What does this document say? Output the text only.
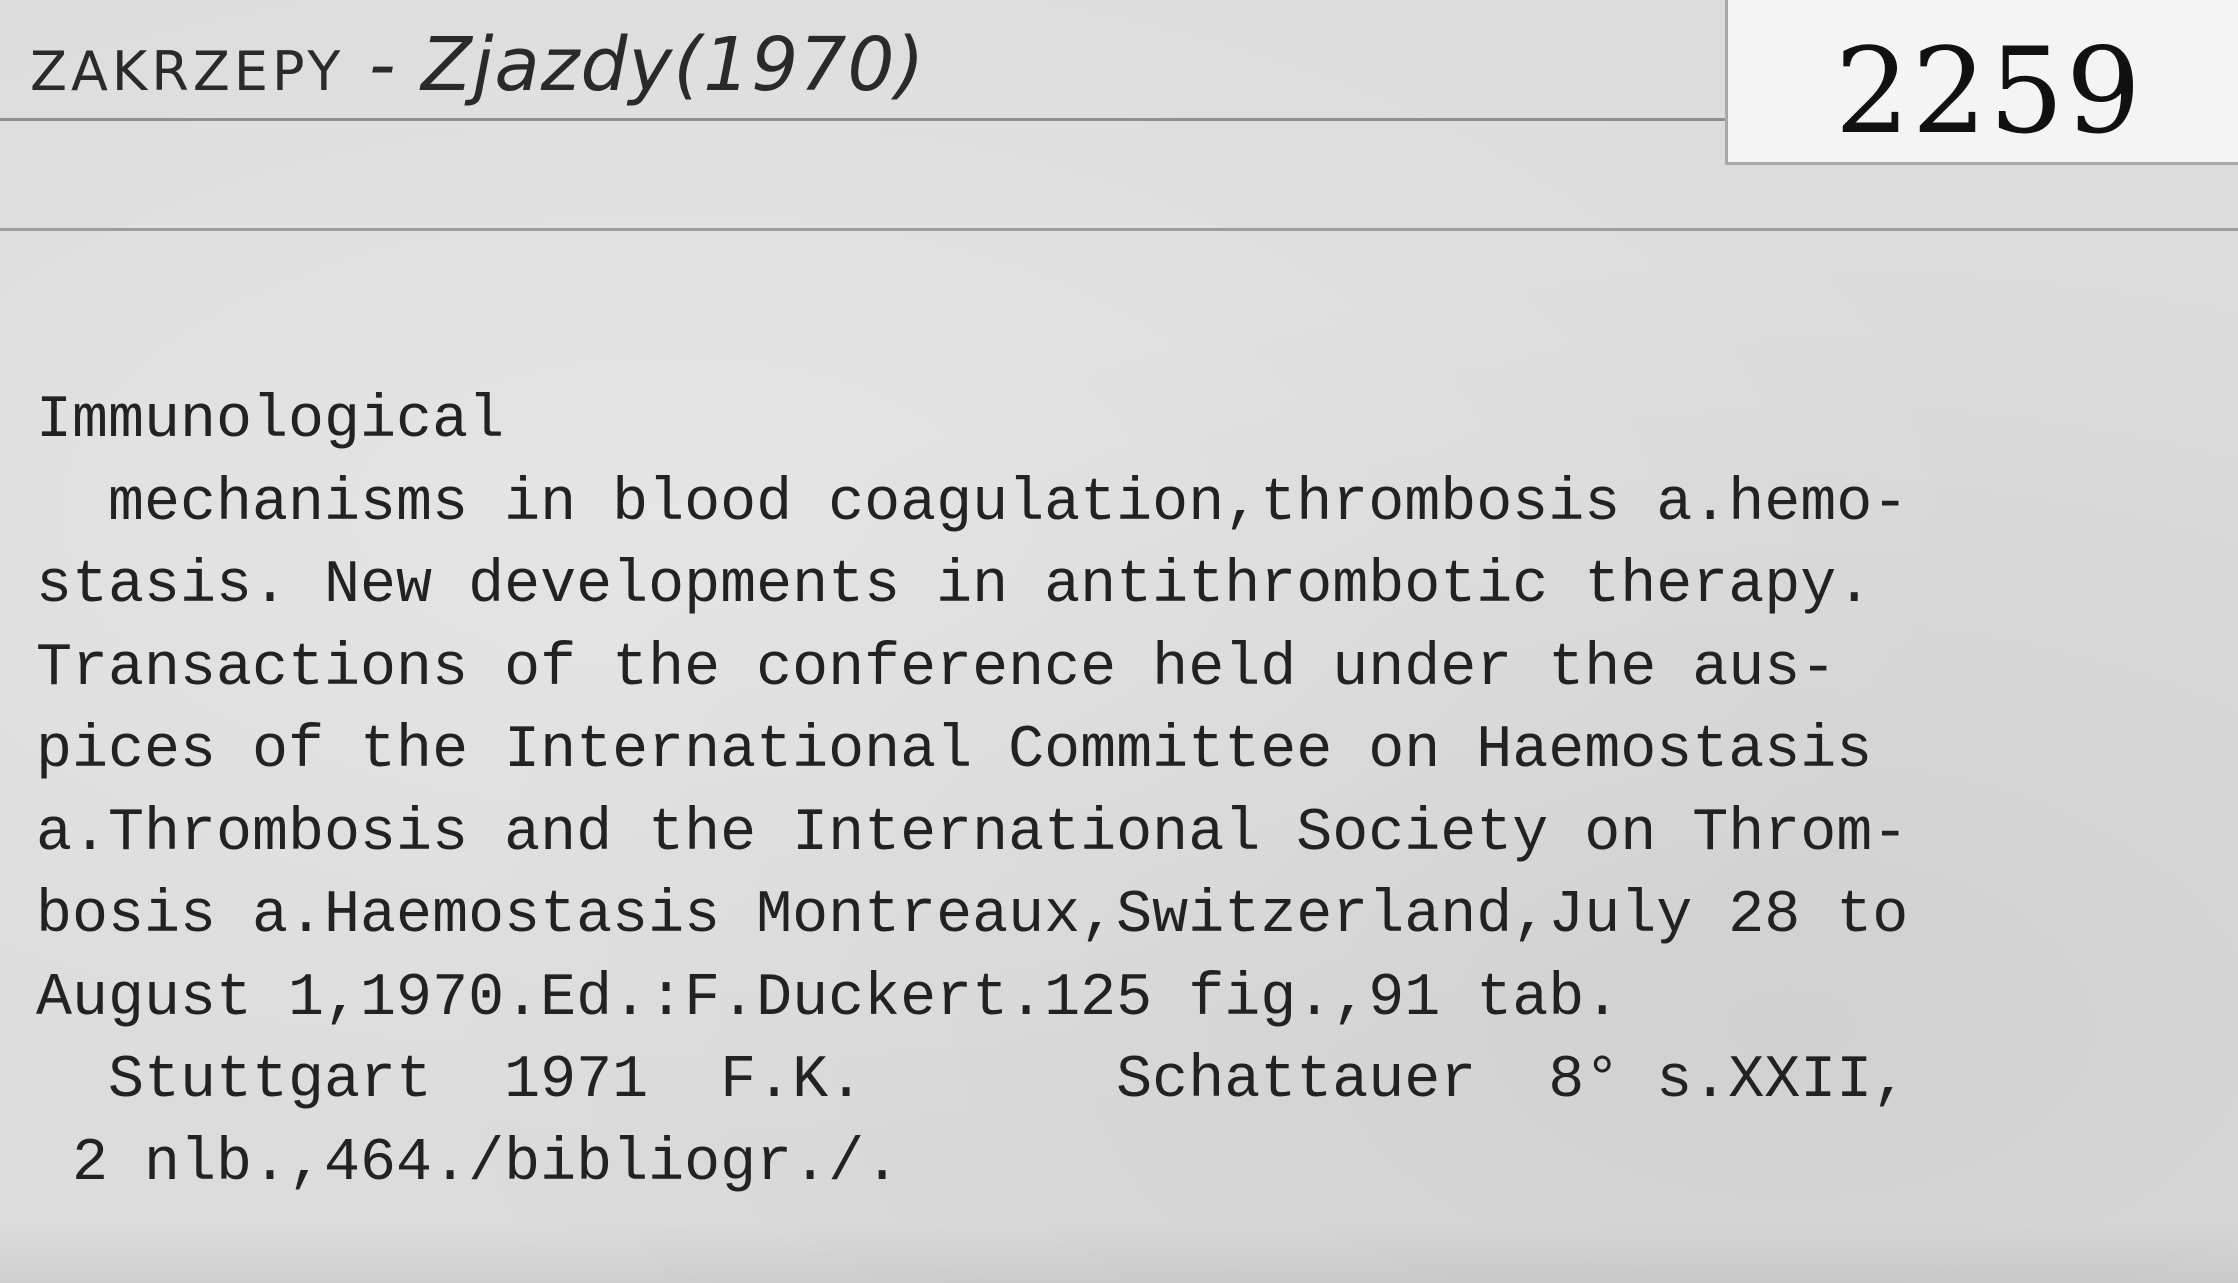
ZAKRZEPY - Zjazdy(1970)	2259
Immunological
mechanisms in blood coagulation,thrombosis a.hemo-
stasis. New developments in antithrombotic therapy.
Transactions of the conference held under the aus-
pices of the International Committee on Haemostasis
a.Thrombosis and the International Society on Throm-
bosis a.Haemostasis Montreaux,Switzerland,July 28 to
August 1,1970.Ed.:F.Duckert.125 fig.,91 tab.
Stuttgart  1971  F.K.       Schattauer  8° s.XXII,
2 nlb.,464./bibliogr./.
